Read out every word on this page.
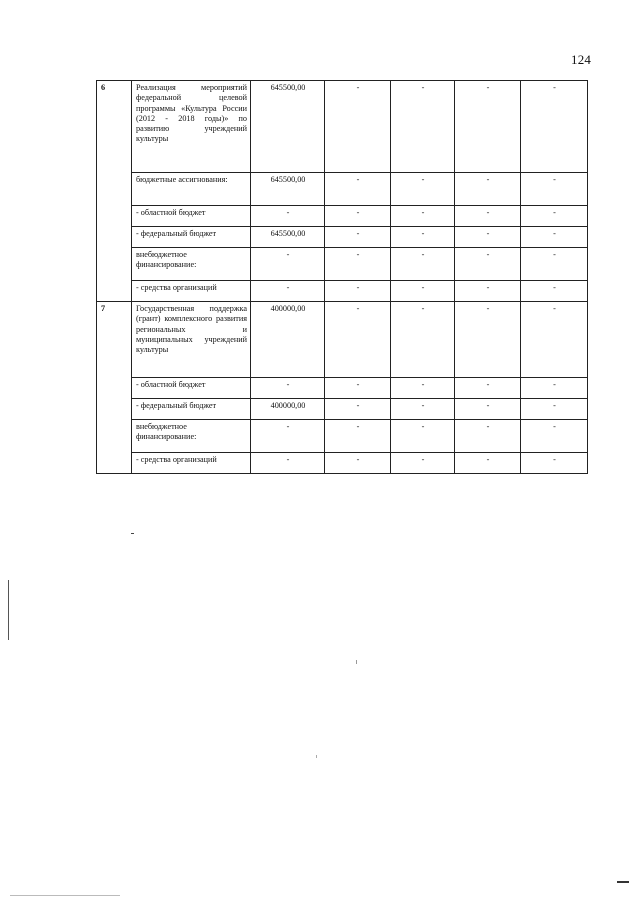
124
6	Реализация мероприятий федеральной целевой программы «Культура России (2012 - 2018 годы)» по развитию учреждений культуры	645500,00	-	-	-	-
	бюджетные ассигнования:	645500,00	-	-	-	-
	- областной бюджет	-	-	-	-	-
	- федеральный бюджет	645500,00	-	-	-	-
	внебюджетное финансирование:	-	-	-	-	-
	- средства организаций	-	-	-	-	-
7	Государственная поддержка (грант) комплексного развития региональных и муниципальных учреждений культуры	400000,00	-	-	-	-
	- областной бюджет	-	-	-	-	-
	- федеральный бюджет	400000,00	-	-	-	-
	внебюджетное финансирование:	-	-	-	-	-
	- средства организаций	-	-	-	-	-
